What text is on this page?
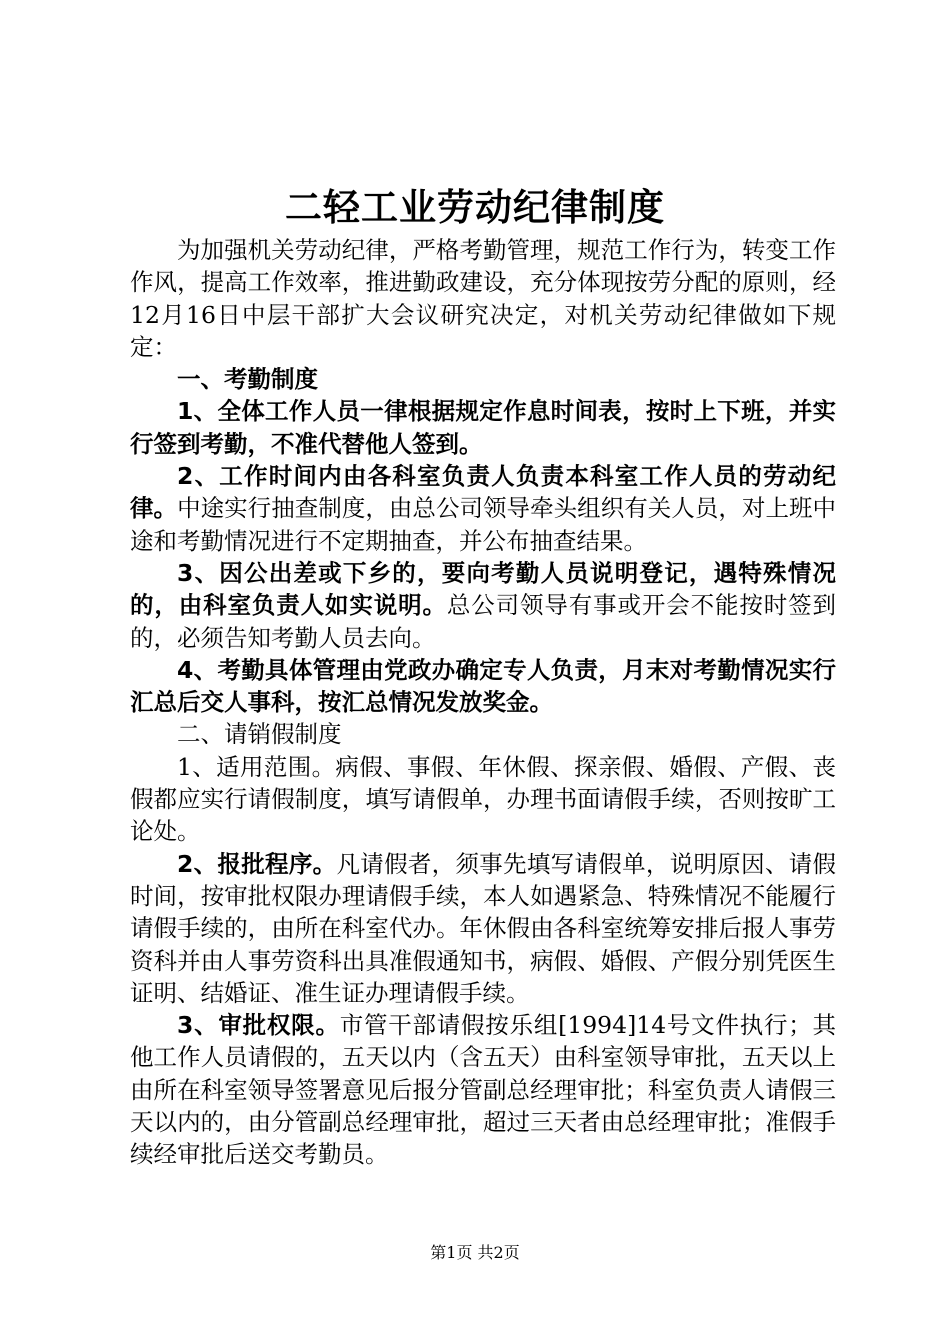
二轻工业劳动纪律制度

为加强机关劳动纪律，严格考勤管理，规范工作行为，转变工作作风，提高工作效率，推进勤政建设，充分体现按劳分配的原则，经12月16日中层干部扩大会议研究决定，对机关劳动纪律做如下规定：

一、考勤制度

1、全体工作人员一律根据规定作息时间表，按时上下班，并实行签到考勤，不准代替他人签到。

2、工作时间内由各科室负责人负责本科室工作人员的劳动纪律。中途实行抽查制度，由总公司领导牵头组织有关人员，对上班中途和考勤情况进行不定期抽查，并公布抽查结果。

3、因公出差或下乡的，要向考勤人员说明登记，遇特殊情况的，由科室负责人如实说明。总公司领导有事或开会不能按时签到的，必须告知考勤人员去向。

4、考勤具体管理由党政办确定专人负责，月末对考勤情况实行汇总后交人事科，按汇总情况发放奖金。

二、请销假制度

1、适用范围。病假、事假、年休假、探亲假、婚假、产假、丧假都应实行请假制度，填写请假单，办理书面请假手续，否则按旷工论处。

2、报批程序。凡请假者，须事先填写请假单，说明原因、请假时间，按审批权限办理请假手续，本人如遇紧急、特殊情况不能履行请假手续的，由所在科室代办。年休假由各科室统筹安排后报人事劳资科并由人事劳资科出具准假通知书，病假、婚假、产假分别凭医生证明、结婚证、准生证办理请假手续。

3、审批权限。市管干部请假按乐组[1994]14号文件执行；其他工作人员请假的，五天以内（含五天）由科室领导审批，五天以上由所在科室领导签署意见后报分管副总经理审批；科室负责人请假三天以内的，由分管副总经理审批，超过三天者由总经理审批；准假手续经审批后送交考勤员。

第1页 共2页
